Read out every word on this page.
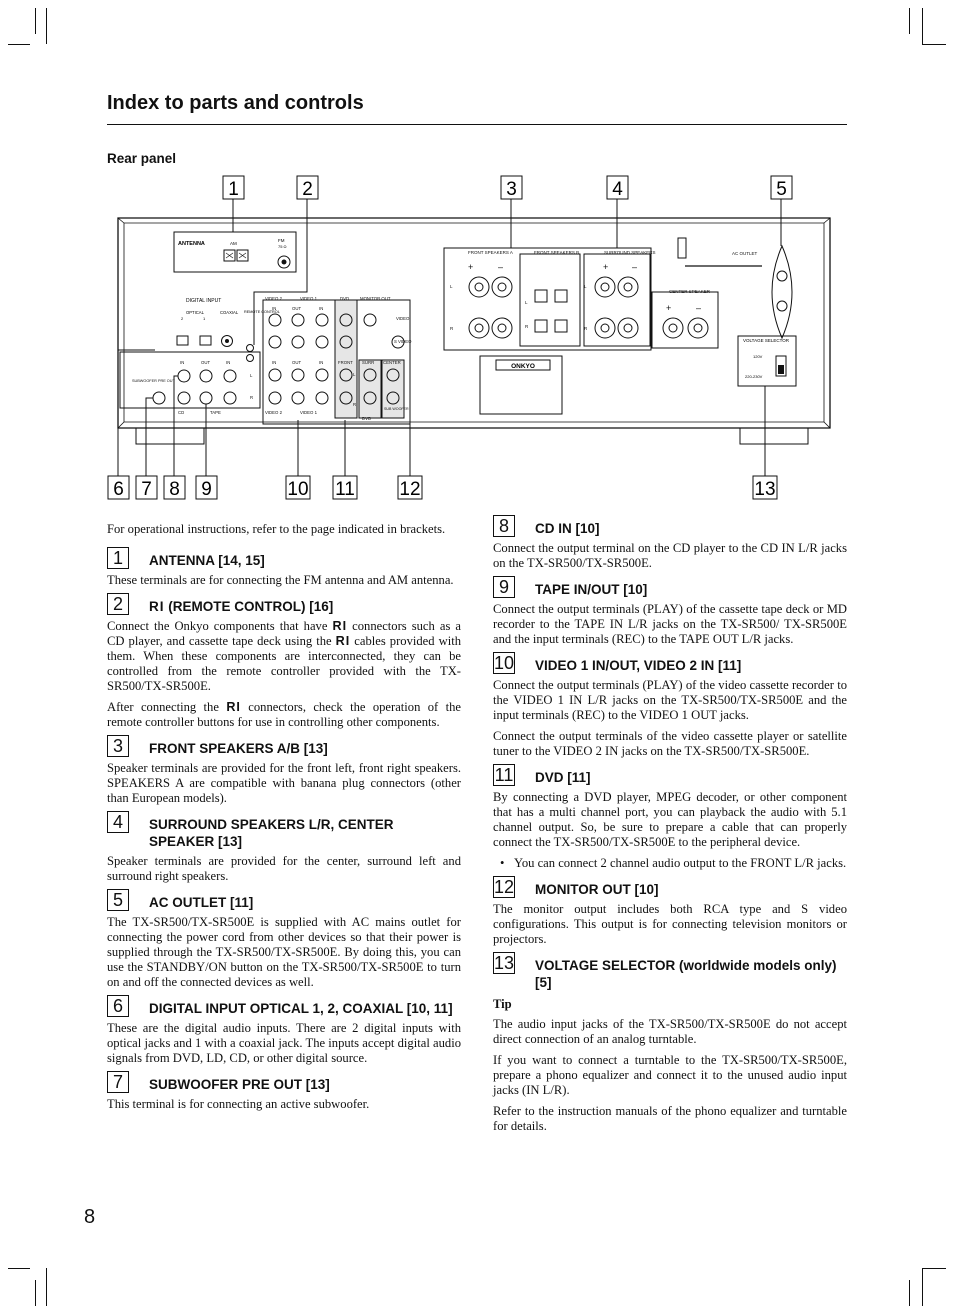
Index to parts and controls
Rear panel
1	2	3	4	5
6 7 8 9	10 11 12	13
ANTENNA	AM
FM
75 Ω
DIGITAL INPUT
OPTICAL	COAXIAL
2	1
REMOTE CONTROL
VIDEO 2	VIDEO 1	DVD	MONITOR OUT
VIDEO
S VIDEO
IN	OUT	IN
IN	OUT	IN	FRONT SURR CENTER
SUB WOOFER
VIDEO 2	VIDEO 1
DVD
L
R
IN	OUT	IN
SUBWOOFER PRE OUT
CD	TAPE
L
R
FRONT SPEAKERS A	FRONT SPEAKERS B	SURROUND SPEAKERS
CENTER SPEAKER
+	–	+	–
+	–
L
R
L
R
L
R
ONKYO
AC OUTLET
VOLTAGE SELECTOR
120V
220-230V
For operational instructions, refer to the page indicated in brackets.
1	ANTENNA [14, 15]

These terminals are for connecting the FM antenna and AM antenna.

2	RI (REMOTE CONTROL) [16]

Connect the Onkyo components that have RI connectors such as a CD player, and cassette tape deck using the RI cables provided with them. When these components are interconnected, they can be controlled from the remote controller provided with the TX-SR500/TX-SR500E.

After connecting the RI connectors, check the operation of the remote controller buttons for use in controlling other components.

3	FRONT SPEAKERS A/B [13]

Speaker terminals are provided for the front left, front right speakers. SPEAKERS A are compatible with banana plug connectors (other than European models).

4	SURROUND SPEAKERS L/R, CENTER SPEAKER [13]

Speaker terminals are provided for the center, surround left and surround right speakers.

5	AC OUTLET [11]

The TX-SR500/TX-SR500E is supplied with AC mains outlet for connecting the power cord from other devices so that their power is supplied through the TX-SR500/TX-SR500E. By doing this, you can use the STANDBY/ON button on the TX-SR500/TX-SR500E to turn on and off the connected devices as well.

6	DIGITAL INPUT OPTICAL 1, 2, COAXIAL [10, 11]

These are the digital audio inputs. There are 2 digital inputs with optical jacks and 1 with a coaxial jack. The inputs accept digital audio signals from DVD, LD, CD, or other digital source.

7	SUBWOOFER PRE OUT [13]

This terminal is for connecting an active subwoofer.

8	CD IN [10]

Connect the output terminal on the CD player to the CD IN L/R jacks on the TX-SR500/TX-SR500E.

9	TAPE IN/OUT [10]

Connect the output terminals (PLAY) of the cassette tape deck or MD recorder to the TAPE IN L/R jacks on the TX-SR500/ TX-SR500E and the input terminals (REC) to the TAPE OUT L/R jacks.

10 VIDEO 1 IN/OUT, VIDEO 2 IN [11]

Connect the output terminals (PLAY) of the video cassette recorder to the VIDEO 1 IN L/R jacks on the TX-SR500/TX-SR500E and the input terminals (REC) to the VIDEO 1 OUT jacks.

Connect the output terminals of the video cassette player or satellite tuner to the VIDEO 2 IN jacks on the TX-SR500/TX-SR500E.

11 DVD [11]

By connecting a DVD player, MPEG decoder, or other component that has a multi channel port, you can playback the audio with 5.1 channel output. So, be sure to prepare a cable that can properly connect the TX-SR500/TX-SR500E to the peripheral device.

• You can connect 2 channel audio output to the FRONT L/R jacks.
12 MONITOR OUT [10]

The monitor output includes both RCA type and S video configurations. This output is for connecting television monitors or projectors.

13 VOLTAGE SELECTOR (worldwide models only) [5]
Tip

The audio input jacks of the TX-SR500/TX-SR500E do not accept direct connection of an analog turntable.

If you want to connect a turntable to the TX-SR500/TX-SR500E, prepare a phono equalizer and connect it to the unused audio input jacks (IN L/R).

Refer to the instruction manuals of the phono equalizer and turntable for details.

8
